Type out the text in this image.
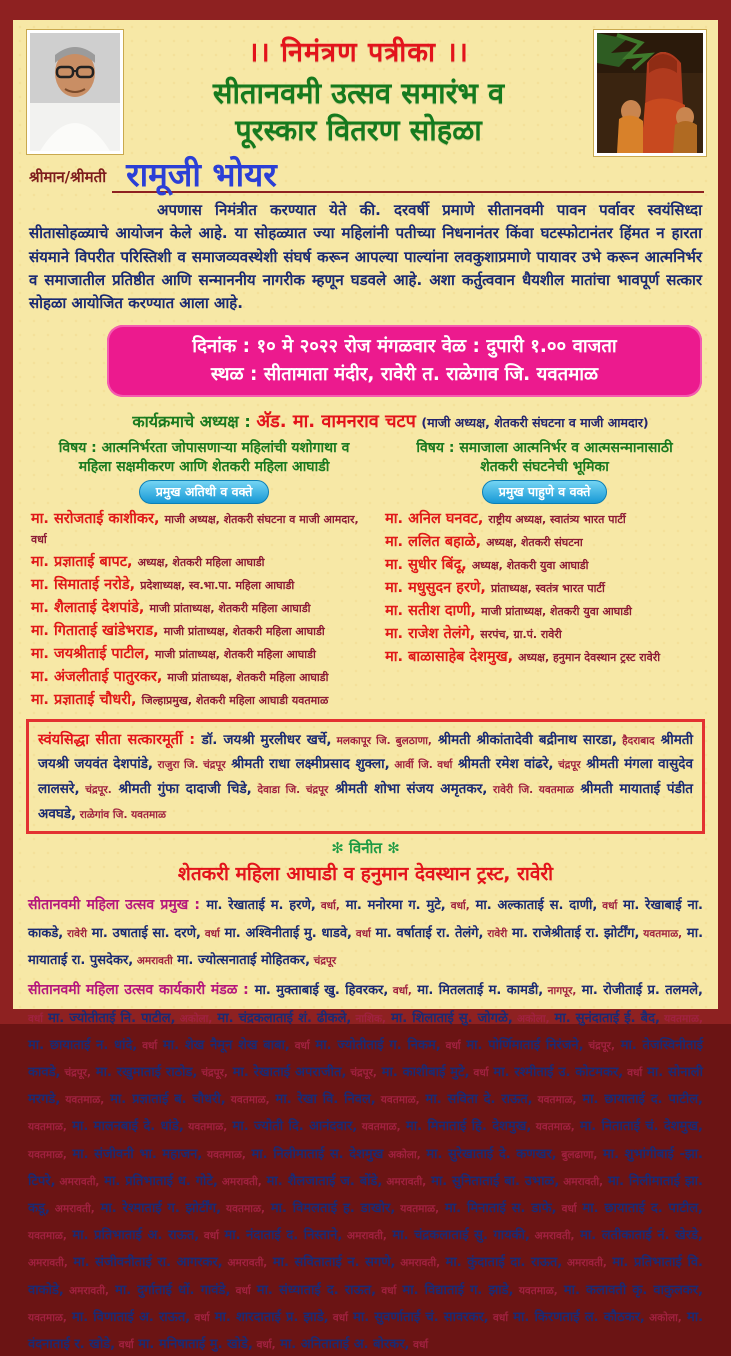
।। निमंत्रण पत्रीका ।।
सीतानवमी उत्सव समारंभ व
पूरस्कार वितरण सोहळा
श्रीमान/श्रीमती रामूजी भोयर
अपणास निमंत्रीत करण्यात येते की. दरवर्षी प्रमाणे सीतानवमी पावन पर्वावर स्वयंसिध्दा सीतासोहळ्याचे आयोजन केले आहे. या सोहळ्यात ज्या महिलांनी पतीच्या निधनानंतर किंवा घटस्फोटानंतर हिंमत न हारता संयमाने विपरीत परिस्तिशी व समाजव्यवस्थेशी संघर्ष करून आपल्या पाल्यांना लवकुशाप्रमाणे पायावर उभे करून आत्मनिर्भर व समाजातील प्रतिष्ठीत आणि सन्माननीय नागरीक म्हणून घडवले आहे. अशा कर्तुत्ववान धैयशील मातांचा भावपूर्ण सत्कार सोहळा आयोजित करण्यात आला आहे.
दिनांक : १० मे २०२२ रोज मंगळवार वेळ : दुपारी १.०० वाजता
स्थळ : सीतामाता मंदीर, रावेरी त. राळेगाव जि. यवतमाळ
कार्यक्रमाचे अध्यक्ष : अ‍ॅड. मा. वामनराव चटप (माजी अध्यक्ष, शेतकरी संघटना व माजी आमदार)
विषय : आत्मनिर्भरता जोपासणाऱ्या महिलांची यशोगाथा व
महिला सक्षमीकरण आणि शेतकरी महिला आघाडी
प्रमुख अतिथी व वक्ते
मा. सरोजताई काशीकर, माजी अध्यक्ष, शेतकरी संघटना व माजी आमदार, वर्धा
मा. प्रज्ञाताई बापट, अध्यक्ष, शेतकरी महिला आघाडी
मा. सिमाताई नरोडे, प्रदेशाध्यक्ष, स्व.भा.पा. महिला आघाडी
मा. शैलाताई देशपांडे, माजी प्रांताध्यक्ष, शेतकरी महिला आघाडी
मा. गिताताई खांडेभराड, माजी प्रांताध्यक्ष, शेतकरी महिला आघाडी
मा. जयश्रीताई पाटील, माजी प्रांताध्यक्ष, शेतकरी महिला आघाडी
मा. अंजलीताई पातुरकर, माजी प्रांताध्यक्ष, शेतकरी महिला आघाडी
मा. प्रज्ञाताई चौधरी, जिल्हाप्रमुख, शेतकरी महिला आघाडी यवतमाळ
विषय : समाजाला आत्मनिर्भर व आत्मसन्मानासाठी
शेतकरी संघटनेची भूमिका
प्रमुख पाहुणे व वक्ते
मा. अनिल घनवट, राष्ट्रीय अध्यक्ष, स्वातंत्र्य भारत पार्टी
मा. ललित बहाळे, अध्यक्ष, शेतकरी संघटना
मा. सुधीर बिंदू, अध्यक्ष, शेतकरी युवा आघाडी
मा. मधुसुदन हरणे, प्रांताध्यक्ष, स्वतंत्र भारत पार्टी
मा. सतीश दाणी, माजी प्रांताध्यक्ष, शेतकरी युवा आघाडी
मा. राजेश तेलंगे, सरपंच, ग्रा.पं. रावेरी
मा. बाळासाहेब देशमुख, अध्यक्ष, हनुमान देवस्थान ट्रस्ट रावेरी
स्वंयसिद्धा सीता सत्कारमूर्ती : डॉ. जयश्री मुरलीधर खर्चे, मलकापूर जि. बुलठाणा, श्रीमती श्रीकांतादेवी बद्रीनाथ सारडा, हैदराबाद श्रीमती जयश्री जयवंत देशपांडे, राजुरा जि. चंद्रपूर श्रीमती राधा लक्ष्मीप्रसाद शुक्ला, आर्वी जि. वर्धा श्रीमती रमेश वांढरे, चंद्रपूर श्रीमती मंगला वासुदेव लालसरे, चंद्रपूर. श्रीमती गुंफा दादाजी चिडे, देवाडा जि. चंद्रपूर श्रीमती शोभा संजय अमृतकर, रावेरी जि. यवतमाळ श्रीमती मायाताई पंडीत अवघडे, राळेगांव जि. यवतमाळ
✻ विनीत ✻
शेतकरी महिला आघाडी व हनुमान देवस्थान ट्रस्ट, रावेरी
सीतानवमी महिला उत्सव प्रमुख : मा. रेखाताई म. हरणे, वर्धा, मा. मनोरमा ग. मुटे, वर्धा, मा. अल्काताई स. दाणी, वर्धा मा. रेखाबाई ना. काकडे, रावेरी मा. उषाताई सा. दरणे, वर्धा मा. अश्विनीताई मु. धाडवे, वर्धा मा. वर्षाताई रा. तेलंगे, रावेरी मा. राजेश्रीताई रा. झोर्टींग, यवतमाळ, मा. मायाताई रा. पुसदेकर, अमरावती मा. ज्योत्सनाताई मोहितकर, चंद्रपूर
सीतानवमी महिला उत्सव कार्यकारी मंडळ : मा. मुक्ताबाई खु. हिवरकर, वर्धा, मा. मितलताई म. कामडी, नागपूर, मा. रोजीताई प्र. तलमले, वर्धा मा. ज्योतीताई नि. पाटील, अकोला, मा. चंद्रकलाताई शं. ढीकले, नाशिक, मा. शिलाताई सु. जोगळे, अकोला, मा. सुनंदाताई ई. बैद, यवतमाळ, मा. छायाताई न. धांदे, वर्धा मा. शेख नैमून शेख बाबा, वर्धा मा. ज्योतीताई ग. निकम, वर्धा मा. पोर्णिमाताई निरंजने, चंद्रपूर, मा. तेजस्विनीताई कावडे, चंद्रपूर, मा. रखुमाताई राठोड, चंद्रपूर, मा. रेखाताई अपराजीत, चंद्रपूर, मा. काशीबाई मुटे, वर्धा मा. रश्मीताई उ. कोटमकर, वर्धा मा. सोनाली मरगडे, यवतमाळ, मा. प्रज्ञाताई ब. चौधरी, यवतमाळ, मा. रेखा वि. निवल, यवतमाळ, मा. सविता दे. राऊत, यवतमाळ, मा. छायाताई द. पाटील, यवतमाळ, मा. मालनबाई दे. धांडे, यवतमाळ, मा. ज्योती दि. आनंदवार, यवतमाळ, मा. मिनाताई हि. देशमुख, यवतमाळ, मा. निताताई चं. देशमुख, यवतमाळ, मा. संजीवनी भा. महाजन, यवतमाळ, मा. निलीमाताई स. देशमुख अकोला, मा. सुरेखाताई दे. कणखर, बुलढाणा, मा. शुभांगीबाई -झा. टिपरे, अमरावती, मा. प्रतिभाताई ध. गोटे, अमरावती, मा. शैलजाताई ज. बोंडे, अमरावती, मा. सुनिताताई बा. उभाळ, अमरावती, मा. निलीमाताई झा. कडू, अमरावती, मा. रेश्माताई ग. झोर्टींग, यवतमाळ, मा. विमलताई ह. डाखोर, यवतमाळ, मा. मिनाताई स. डाफे, वर्धा मा. छायाताई द. पाटील, यवतमाळ, मा. प्रतिभाताई अ. राऊत, वर्धा मा. नंदाताई द. निस्ताने, अमरावती, मा. चंद्रकलाताई सु. गायकी, अमरावती, मा. लतीकाताई नं. खेरडे, अमरावती, मा. संजीवनीताई रा. आगरकर, अमरावती, मा. सविताताई न. सगणे, अमरावती, मा. कुंदाताई दा. राऊत, अमरावती, मा. प्रतिभाताई वि. वाकोडे, अमरावती, मा. दुर्गाताई धों. गावंडे, वर्धा मा. संध्याताई द. राऊत, वर्धा मा. विद्याताई ग. झाडे, यवतमाळ, मा. कलावती कृ. वाकुलकर, यवतमाळ, मा. विणाताई अ. राऊत, वर्धा मा. शारदाताई प्र. झाडे, वर्धा मा. सुवर्णाताई चं. सावरकर, वर्धा मा. किरणताई ल. कौठकर, अकोला, मा. वंदनाताई र. खोडे, वर्धा मा. मनिषाताई मु. खोडे, वर्धा, मा. अनिताताई अ. बोरकर, वर्धा
